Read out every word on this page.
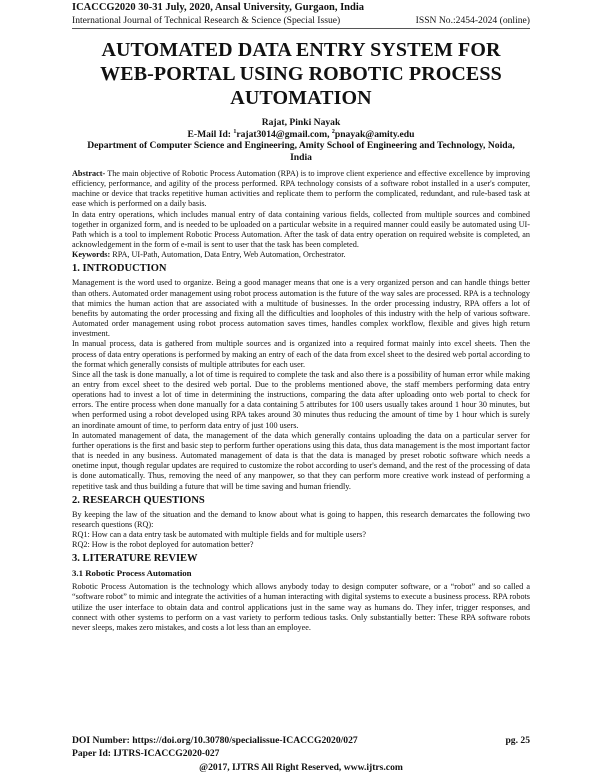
ICACCG2020 30-31 July, 2020, Ansal University, Gurgaon, India
International Journal of Technical Research & Science (Special Issue)	ISSN No.:2454-2024 (online)
AUTOMATED DATA ENTRY SYSTEM FOR
WEB-PORTAL USING ROBOTIC PROCESS
AUTOMATION
Rajat, Pinki Nayak
E-Mail Id: $^1$rajat3014@gmail.com, $^2$pnayak@amity.edu
Department of Computer Science and Engineering, Amity School of Engineering and Technology, Noida,
India

Abstract- The main objective of Robotic Process Automation (RPA) is to improve client experience and effective excellence by improving efficiency, performance, and agility of the process performed. RPA technology consists of a software robot installed in a user's computer, machine or device that tracks repetitive human activities and replicate them to perform the complicated, redundant, and rule-based task at ease which is performed on a daily basis.

In data entry operations, which includes manual entry of data containing various fields, collected from multiple sources and combined together in organized form, and is needed to be uploaded on a particular website in a required manner could easily be automated using UI-Path which is a tool to implement Robotic Process Automation. After the task of data entry operation on required website is completed, an acknowledgement in the form of e-mail is sent to user that the task has been completed.

Keywords: RPA, UI-Path, Automation, Data Entry, Web Automation, Orchestrator.

1. INTRODUCTION

Management is the word used to organize. Being a good manager means that one is a very organized person and can handle things better than others. Automated order management using robot process automation is the future of the way sales are processed. RPA is a technology that mimics the human action that are associated with a multitude of businesses. In the order processing industry, RPA offers a lot of benefits by automating the order processing and fixing all the difficulties and loopholes of this industry with the help of various software. Automated order management using robot process automation saves times, handles complex workflow, flexible and gives high return investment.

In manual process, data is gathered from multiple sources and is organized into a required format mainly into excel sheets. Then the process of data entry operations is performed by making an entry of each of the data from excel sheet to the desired web portal according to the format which generally consists of multiple attributes for each user.

Since all the task is done manually, a lot of time is required to complete the task and also there is a possibility of human error while making an entry from excel sheet to the desired web portal. Due to the problems mentioned above, the staff members performing data entry operations had to invest a lot of time in determining the instructions, comparing the data after uploading onto web portal to check for errors. The entire process when done manually for a data containing 5 attributes for 100 users usually takes around 1 hour 30 minutes, but when performed using a robot developed using RPA takes around 30 minutes thus reducing the amount of time by 1 hour which is surely an inordinate amount of time, to perform data entry of just 100 users.

In automated management of data, the management of the data which generally contains uploading the data on a particular server for further operations is the first and basic step to perform further operations using this data, thus data management is the most important factor that is needed in any business. Automated management of data is that the data is managed by preset robotic software which needs a onetime input, though regular updates are required to customize the robot according to user's demand, and the rest of the processing of data is done automatically. Thus, removing the need of any manpower, so that they can perform more creative work instead of performing a repetitive task and thus building a future that will be time saving and human friendly.

2. RESEARCH QUESTIONS

By keeping the law of the situation and the demand to know about what is going to happen, this research demarcates the following two research questions (RQ):

RQ1: How can a data entry task be automated with multiple fields and for multiple users?

RQ2: How is the robot deployed for automation better?

3. LITERATURE REVIEW
3.1 Robotic Process Automation

Robotic Process Automation is the technology which allows anybody today to design computer software, or a “robot” and so called a “software robot” to mimic and integrate the activities of a human interacting with digital systems to execute a business process. RPA robots utilize the user interface to obtain data and control applications just in the same way as humans do. They infer, trigger responses, and connect with other systems to perform on a vast variety to perform tedious tasks. Only substantially better: These RPA software robots never sleeps, makes zero mistakes, and costs a lot less than an employee.

DOI Number: https://doi.org/10.30780/specialissue-ICACCG2020/027	pg. 25
Paper Id: IJTRS-ICACCG2020-027
@2017, IJTRS All Right Reserved, www.ijtrs.com
